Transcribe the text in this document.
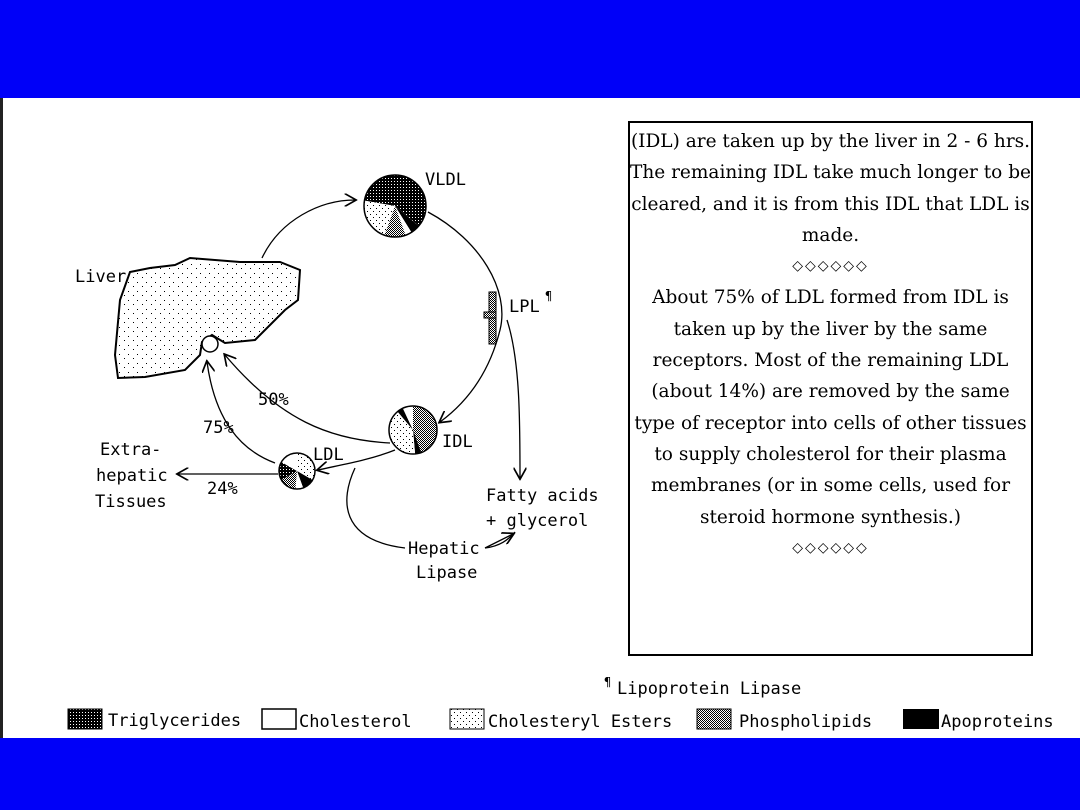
VLDL
Liver
LPL
¶
IDL
LDL
50%
75%
24%
Extra-
hepatic
Tissues	Fatty acids
+ glycerol
Hepatic
Lipase
¶ Lipoprotein Lipase
Triglycerides	Cholesterol	Cholesteryl Esters	Phospholipids	Apoproteins

(IDL) are taken up by the liver in 2 - 6 hrs. The remaining IDL take much longer to be cleared, and it is from this IDL that LDL is made.

◇◇◇◇◇◇

About 75% of LDL formed from IDL is taken up by the liver by the same receptors. Most of the remaining LDL (about 14%) are removed by the same type of receptor into cells of other tissues to supply cholesterol for their plasma membranes (or in some cells, used for steroid hormone synthesis.)

◇◇◇◇◇◇
